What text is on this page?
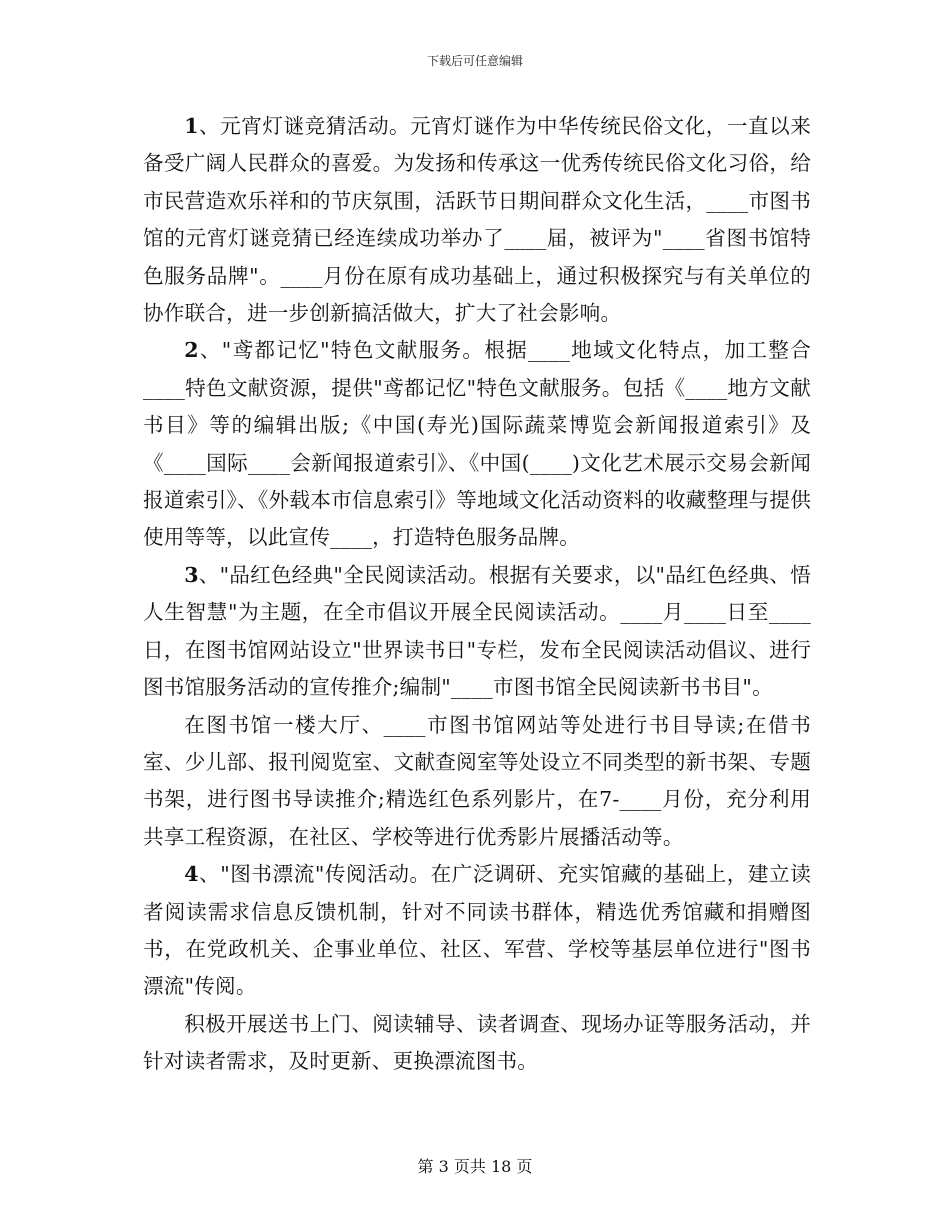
下载后可任意编辑

1、元宵灯谜竞猜活动。元宵灯谜作为中华传统民俗文化，一直以来备受广阔人民群众的喜爱。为发扬和传承这一优秀传统民俗文化习俗，给市民营造欢乐祥和的节庆氛围，活跃节日期间群众文化生活，____市图书馆的元宵灯谜竞猜已经连续成功举办了____届，被评为"____省图书馆特色服务品牌"。____月份在原有成功基础上，通过积极探究与有关单位的协作联合，进一步创新搞活做大，扩大了社会影响。

2、"鸢都记忆"特色文献服务。根据____地域文化特点，加工整合____特色文献资源，提供"鸢都记忆"特色文献服务。包括《____地方文献书目》等的编辑出版;《中国(寿光)国际蔬菜博览会新闻报道索引》及《____国际____会新闻报道索引》、《中国(____)文化艺术展示交易会新闻报道索引》、《外载本市信息索引》等地域文化活动资料的收藏整理与提供使用等等，以此宣传____，打造特色服务品牌。

3、"品红色经典"全民阅读活动。根据有关要求，以"品红色经典、悟人生智慧"为主题，在全市倡议开展全民阅读活动。____月____日至____日，在图书馆网站设立"世界读书日"专栏，发布全民阅读活动倡议、进行图书馆服务活动的宣传推介;编制"____市图书馆全民阅读新书书目"。

在图书馆一楼大厅、____市图书馆网站等处进行书目导读;在借书室、少儿部、报刊阅览室、文献查阅室等处设立不同类型的新书架、专题书架，进行图书导读推介;精选红色系列影片，在7-____月份，充分利用共享工程资源，在社区、学校等进行优秀影片展播活动等。

4、"图书漂流"传阅活动。在广泛调研、充实馆藏的基础上，建立读者阅读需求信息反馈机制，针对不同读书群体，精选优秀馆藏和捐赠图书，在党政机关、企事业单位、社区、军营、学校等基层单位进行"图书漂流"传阅。

积极开展送书上门、阅读辅导、读者调查、现场办证等服务活动，并针对读者需求，及时更新、更换漂流图书。

第 3 页共 18 页
